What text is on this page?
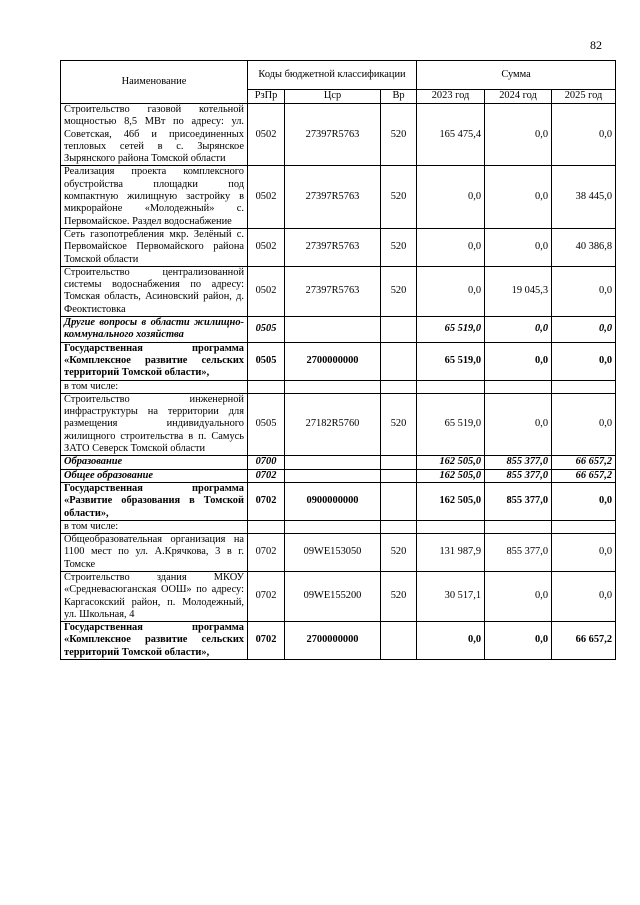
82
Наименование	Коды бюджетной классификации			Сумма		
	РзПр	Цср	Вр	2023 год	2024 год	2025 год
Строительство газовой котельной мощностью 8,5 МВт по адресу: ул. Советская, 46б и присоединенных тепловых сетей в с. Зырянское Зырянского района Томской области	0502	27397R5763	520	165 475,4	0,0	0,0
Реализация проекта комплексного обустройства площадки под компактную жилищную застройку в микрорайоне «Молодежный» с. Первомайское. Раздел водоснабжение	0502	27397R5763	520	0,0	0,0	38 445,0
Сеть газопотребления мкр. Зелёный с. Первомайское Первомайского района Томской области	0502	27397R5763	520	0,0	0,0	40 386,8
Строительство централизованной системы водоснабжения по адресу: Томская область, Асиновский район, д. Феоктистовка	0502	27397R5763	520	0,0	19 045,3	0,0
Другие вопросы в области жилищно-коммунального хозяйства	0505			65 519,0	0,0	0,0
Государственная программа «Комплексное развитие сельских территорий Томской области»,	0505	2700000000		65 519,0	0,0	0,0
в том числе:						
Строительство инженерной инфраструктуры на территории для размещения индивидуального жилищного строительства в п. Самусь ЗАТО Северск Томской области	0505	27182R5760	520	65 519,0	0,0	0,0
Образование	0700			162 505,0	855 377,0	66 657,2
Общее образование	0702			162 505,0	855 377,0	66 657,2
Государственная программа «Развитие образования в Томской области»,	0702	0900000000		162 505,0	855 377,0	0,0
в том числе:						
Общеобразовательная организация на 1100 мест по ул. А.Крячкова, 3 в г. Томске	0702	09WE153050	520	131 987,9	855 377,0	0,0
Строительство здания МКОУ «Средневасюганская ООШ» по адресу: Каргасокский район, п. Молодежный, ул. Школьная, 4	0702	09WE155200	520	30 517,1	0,0	0,0
Государственная программа «Комплексное развитие сельских территорий Томской области»,	0702	2700000000		0,0	0,0	66 657,2
